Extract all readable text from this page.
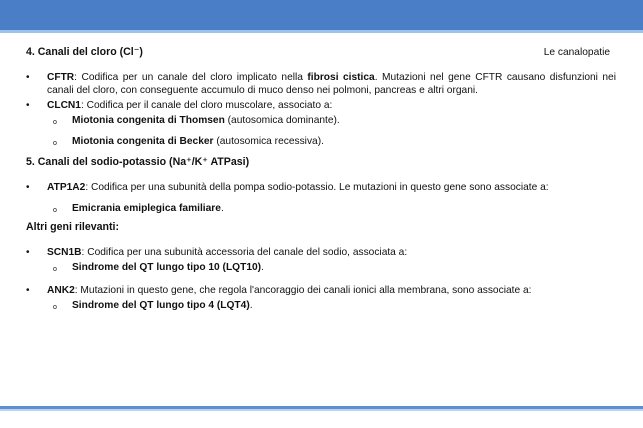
4. Canali del cloro (Cl⁻)	Le canalopatie

• CFTR: Codifica per un canale del cloro implicato nella fibrosi cistica. Mutazioni nel gene CFTR causano disfunzioni nei canali del cloro, con conseguente accumulo di muco denso nei polmoni, pancreas e altri organi.

• CLCN1: Codifica per il canale del cloro muscolare, associato a:

o Miotonia congenita di Thomsen (autosomica dominante).

o Miotonia congenita di Becker (autosomica recessiva).

5. Canali del sodio-potassio (Na⁺/K⁺ ATPasi)

• ATP1A2: Codifica per una subunità della pompa sodio-potassio. Le mutazioni in questo gene sono associate a:

o Emicrania emiplegica familiare.

Altri geni rilevanti:

• SCN1B: Codifica per una subunità accessoria del canale del sodio, associata a:

o Sindrome del QT lungo tipo 10 (LQT10).

• ANK2: Mutazioni in questo gene, che regola l'ancoraggio dei canali ionici alla membrana, sono associate a:

o Sindrome del QT lungo tipo 4 (LQT4).
